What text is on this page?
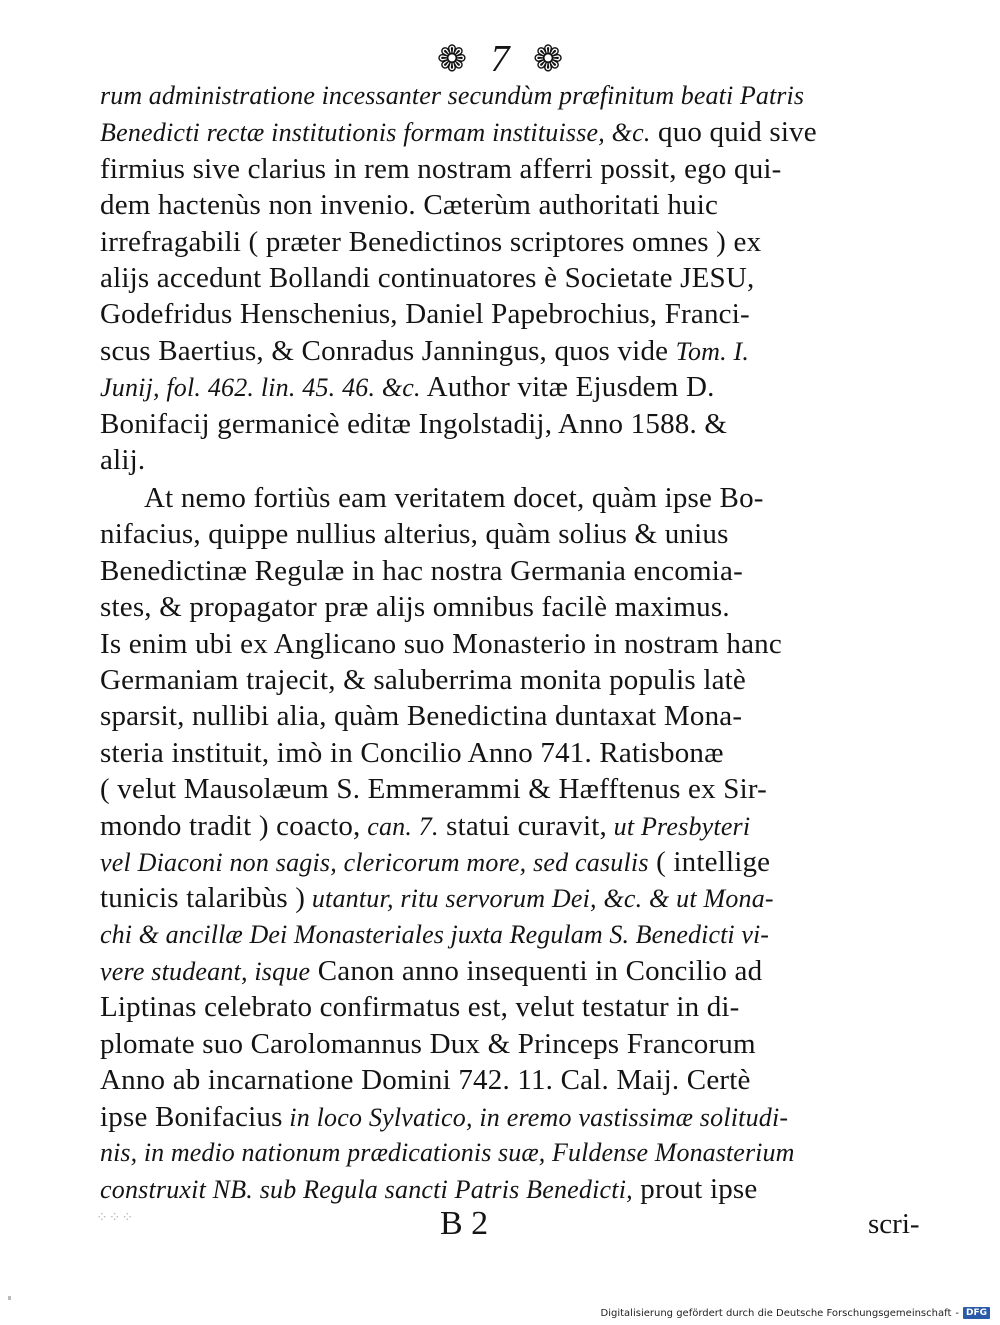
❁ 7 ❁
rum administratione incessanter secundùm præfinitum beati Patris
Benedicti rectæ institutionis formam instituisse, &c. quo quid sive
firmius sive clarius in rem nostram afferri possit, ego qui-
dem hactenùs non invenio. Cæterùm authoritati huic
irrefragabili ( præter Benedictinos scriptores omnes ) ex
alijs accedunt Bollandi continuatores è Societate JESU,
Godefridus Henschenius, Daniel Papebrochius, Franci-
scus Baertius, & Conradus Janningus, quos vide Tom. I.
Junij, fol. 462. lin. 45. 46. &c. Author vitæ Ejusdem D.
Bonifacij germanicè editæ Ingolstadij, Anno 1588. &
alij.
At nemo fortiùs eam veritatem docet, quàm ipse Bo-
nifacius, quippe nullius alterius, quàm solius & unius
Benedictinæ Regulæ in hac nostra Germania encomia-
stes, & propagator præ alijs omnibus facilè maximus.
Is enim ubi ex Anglicano suo Monasterio in nostram hanc
Germaniam trajecit, & saluberrima monita populis latè
sparsit, nullibi alia, quàm Benedictina duntaxat Mona-
steria instituit, imò in Concilio Anno 741. Ratisbonæ
( velut Mausolæum S. Emmerammi & Hæfftenus ex Sir-
mondo tradit ) coacto, can. 7. statui curavit, ut Presbyteri
vel Diaconi non sagis, clericorum more, sed casulis ( intellige
tunicis talaribùs ) utantur, ritu servorum Dei, &c. & ut Mona-
chi & ancillæ Dei Monasteriales juxta Regulam S. Benedicti vi-
vere studeant, isque Canon anno insequenti in Concilio ad
Liptinas celebrato confirmatus est, velut testatur in di-
plomate suo Carolomannus Dux & Princeps Francorum
Anno ab incarnatione Domini 742. 11. Cal. Maij. Certè
ipse Bonifacius in loco Sylvatico, in eremo vastissimæ solitudi-
nis, in medio nationum prædicationis suæ, Fuldense Monasterium
construxit NB. sub Regula sancti Patris Benedicti, prout ipse
⁘⁘⁘	B 2	scri-
Digitalisierung gefördert durch die Deutsche Forschungsgemeinschaft - DFG
